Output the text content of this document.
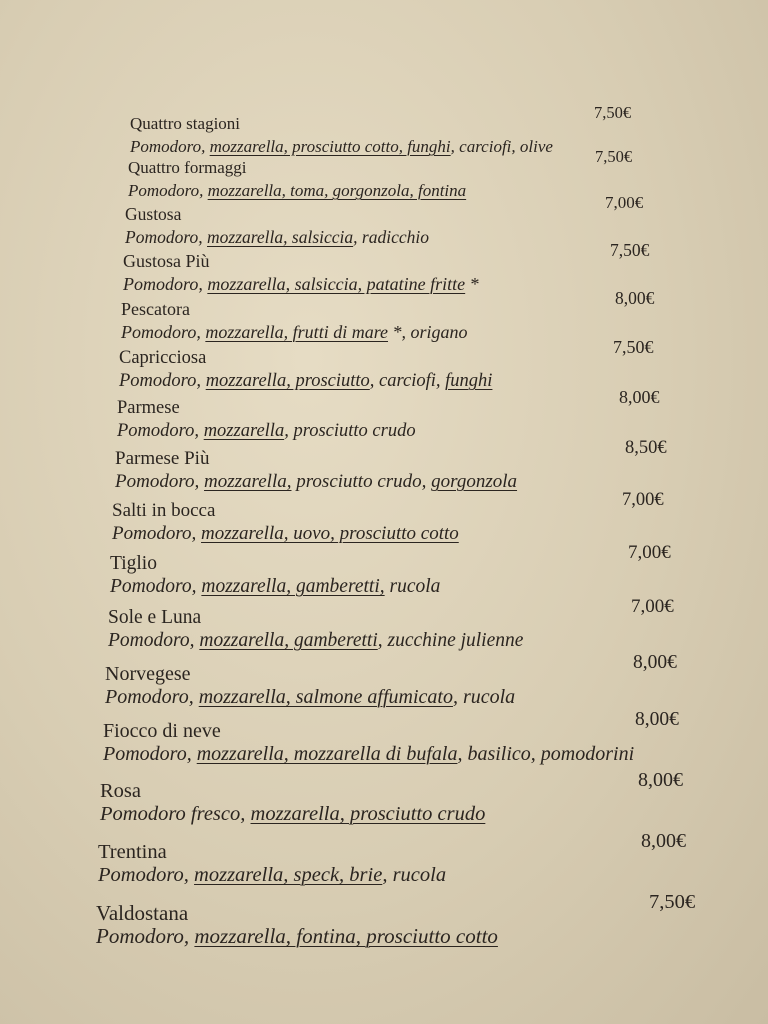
Quattro stagioni
7,50€
Pomodoro, mozzarella, prosciutto cotto, funghi, carciofi, olive
Quattro formaggi
7,50€
Pomodoro, mozzarella, toma, gorgonzola, fontina
Gustosa
7,00€
Pomodoro, mozzarella, salsiccia, radicchio
Gustosa Più
7,50€
Pomodoro, mozzarella, salsiccia, patatine fritte *
Pescatora
8,00€
Pomodoro, mozzarella, frutti di mare *, origano
Capricciosa
7,50€
Pomodoro, mozzarella, prosciutto, carciofi, funghi
Parmese
8,00€
Pomodoro, mozzarella, prosciutto crudo
Parmese Più	8,50€
Pomodoro, mozzarella, prosciutto crudo, gorgonzola
Salti in bocca	7,00€
Pomodoro, mozzarella, uovo, prosciutto cotto
Tiglio
7,00€
Pomodoro, mozzarella, gamberetti, rucola
Sole e Luna
7,00€
Pomodoro, mozzarella, gamberetti, zucchine julienne
Norvegese
8,00€
Pomodoro, mozzarella, salmone affumicato, rucola
Fiocco di neve
8,00€
Pomodoro, mozzarella, mozzarella di bufala, basilico, pomodorini
Rosa	8,00€
Pomodoro fresco, mozzarella, prosciutto crudo
Trentina	8,00€
Pomodoro, mozzarella, speck, brie, rucola
Valdostana	7,50€
Pomodoro, mozzarella, fontina, prosciutto cotto
